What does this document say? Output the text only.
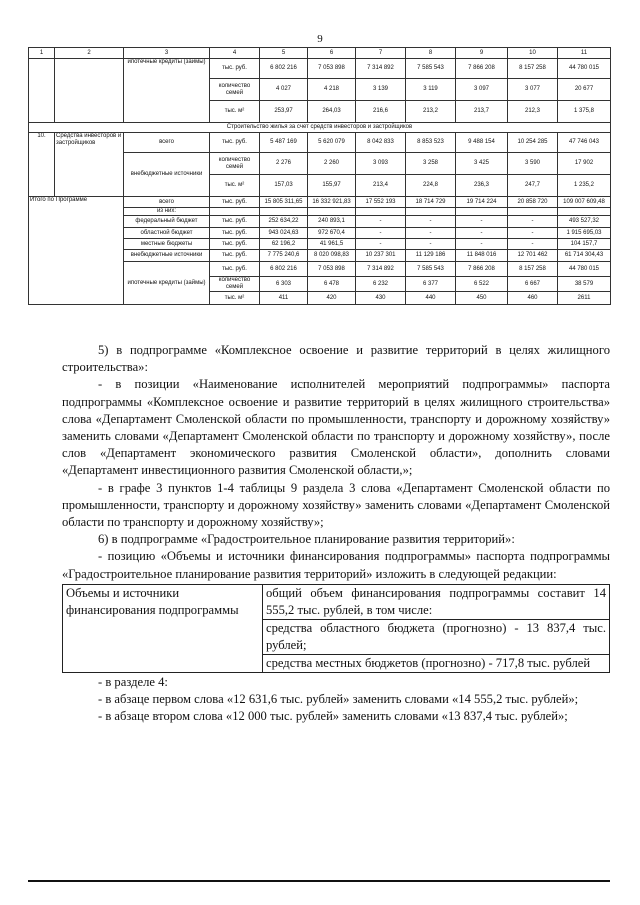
9
1	2	3	4	5	6	7	8	9	10	11
		ипотечные кредиты (займы)	тыс. руб.	6 802 216	7 053 898	7 314 892	7 585 543	7 866 208	8 157 258	44 780 015
			количество семей	4 027	4 218	3 139	3 119	3 097	3 077	20 677
			тыс. м²	253,97	264,03	216,6	213,2	213,7	212,3	1 375,8
Строительство жилья за счет средств инвесторов и застройщиков										
10.	Средства инвесторов и застройщиков	всего	тыс. руб.	5 487 169	5 620 079	8 042 833	8 853 523	9 488 154	10 254 285	47 746 043
		внебюджетные источники	количество семей	2 276	2 260	3 093	3 258	3 425	3 590	17 902
			тыс. м²	157,03	155,97	213,4	224,8	236,3	247,7	1 235,2
Итого по Программе		всего	тыс. руб.	15 805 311,65	16 332 921,83	17 552 193	18 714 729	19 714 224	20 858 720	109 007 609,48
		из них:								
		федеральный бюджет	тыс. руб.	252 634,22	240 893,1	-	-	-	-	493 527,32
		областной бюджет	тыс. руб.	943 024,63	972 670,4	-	-	-	-	1 915 695,03
		местные бюджеты	тыс. руб.	62 196,2	41 961,5	-	-	-	-	104 157,7
		внебюджетные источники	тыс. руб.	7 775 240,6	8 020 098,83	10 237 301	11 129 186	11 848 016	12 701 462	61 714 304,43
		ипотечные кредиты (займы)	тыс. руб.	6 802 216	7 053 898	7 314 892	7 585 543	7 866 208	8 157 258	44 780 015
			количество семей	6 303	6 478	6 232	6 377	6 522	6 667	38 579
			тыс. м²	411	420	430	440	450	460	2611

5) в подпрограмме «Комплексное освоение и развитие территорий в целях жилищного строительства»:

- в позиции «Наименование исполнителей мероприятий подпрограммы» паспорта подпрограммы «Комплексное освоение и развитие территорий в целях жилищного строительства» слова «Департамент Смоленской области по промышленности, транспорту и дорожному хозяйству» заменить словами «Департамент Смоленской области по транспорту и дорожному хозяйству», после слов «Департамент экономического развития Смоленской области», дополнить словами «Департамент инвестиционного развития Смоленской области,»;

- в графе 3 пунктов 1-4 таблицы 9 раздела 3 слова «Департамент Смоленской области по промышленности, транспорту и дорожному хозяйству» заменить словами «Департамент Смоленской области по транспорту и дорожному хозяйству»;

6) в подпрограмме «Градостроительное планирование развития территорий»:

- позицию «Объемы и источники финансирования подпрограммы» паспорта подпрограммы «Градостроительное планирование развития территорий» изложить в следующей редакции:

Объемы и источники финансирования подпрограммы	общий объем финансирования подпрограммы составит 14 555,2 тыс. рублей, в том числе:
средства областного бюджета (прогнозно) - 13 837,4 тыс. рублей;
средства местных бюджетов (прогнозно) - 717,8 тыс. рублей

- в разделе 4:

- в абзаце первом слова «12 631,6 тыс. рублей» заменить словами «14 555,2 тыс. рублей»;

- в абзаце втором слова «12 000 тыс. рублей» заменить словами «13 837,4 тыс. рублей»;
